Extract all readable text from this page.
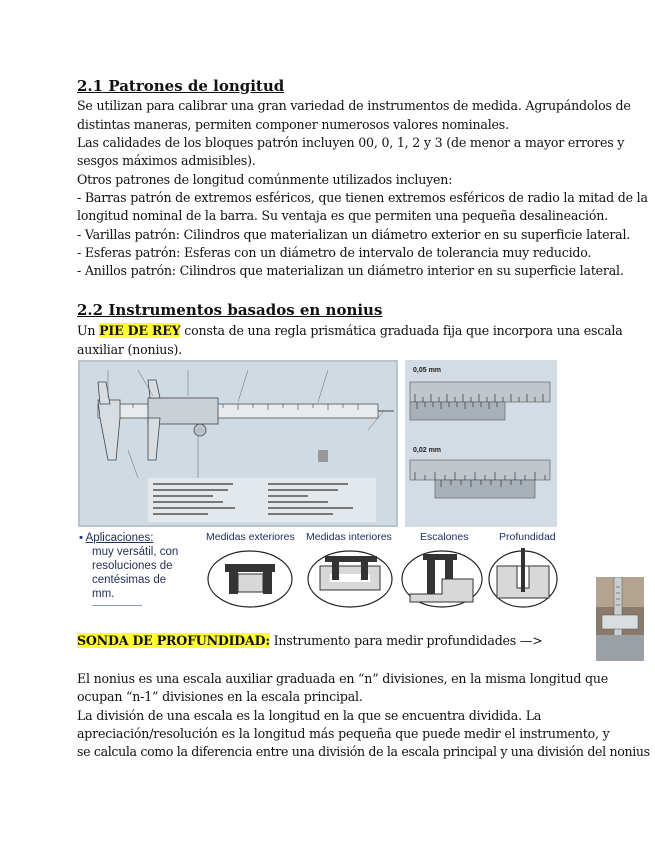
2.1 Patrones de longitud
Se utilizan para calibrar una gran variedad de instrumentos de medida. Agrupándolos de
distintas maneras, permiten componer numerosos valores nominales.
Las calidades de los bloques patrón incluyen 00, 0, 1, 2 y 3 (de menor a mayor errores y
sesgos máximos admisibles).
Otros patrones de longitud comúnmente utilizados incluyen:
- Barras patrón de extremos esféricos, que tienen extremos esféricos de radio la mitad de la
longitud nominal de la barra. Su ventaja es que permiten una pequeña desalineación.
- Varillas patrón: Cilindros que materializan un diámetro exterior en su superficie lateral.
- Esferas patrón: Esferas con un diámetro de intervalo de tolerancia muy reducido.
- Anillos patrón: Cilindros que materializan un diámetro interior en su superficie lateral.
2.2 Instrumentos basados en nonius
Un PIE DE REY consta de una regla prismática graduada fija que incorpora una escala
auxiliar (nonius).
0,05 mm
0,02 mm
▪ Aplicaciones:
muy versátil, con
resoluciones de
centésimas de
mm.
Medidas exteriores Medidas interiores	Escalones	Profundidad
SONDA DE PROFUNDIDAD: Instrumento para medir profundidades —>
El nonius es una escala auxiliar graduada en “n” divisiones, en la misma longitud que
ocupan “n-1” divisiones en la escala principal.
La división de una escala es la longitud en la que se encuentra dividida. La
apreciación/resolución es la longitud más pequeña que puede medir el instrumento, y
se calcula como la diferencia entre una división de la escala principal y una división del nonius
